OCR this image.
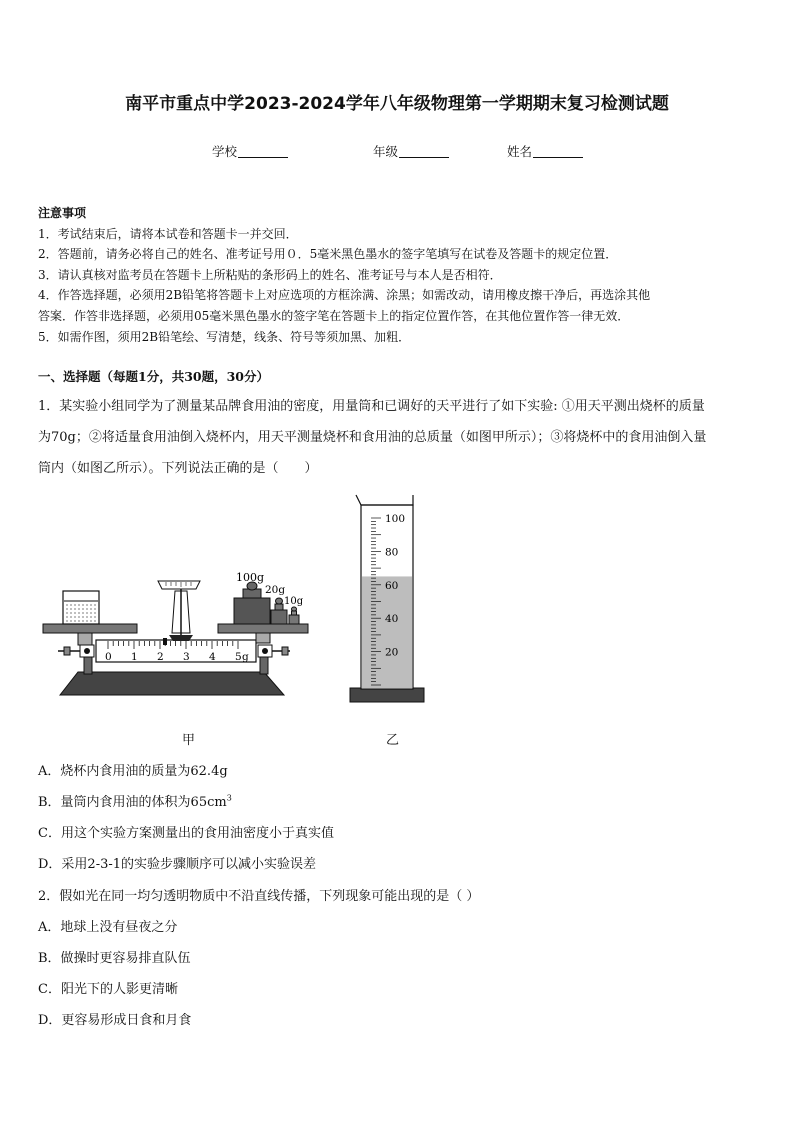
南平市重点中学2023-2024学年八年级物理第一学期期末复习检测试题
学校	年级	姓名
注意事项
1．考试结束后，请将本试卷和答题卡一并交回．
2．答题前，请务必将自己的姓名、准考证号用０．5毫米黑色墨水的签字笔填写在试卷及答题卡的规定位置．
3．请认真核对监考员在答题卡上所粘贴的条形码上的姓名、准考证号与本人是否相符．
4．作答选择题，必须用2B铅笔将答题卡上对应选项的方框涂满、涂黑；如需改动，请用橡皮擦干净后，再选涂其他
答案．作答非选择题，必须用05毫米黑色墨水的签字笔在答题卡上的指定位置作答，在其他位置作答一律无效．
5．如需作图，须用2B铅笔绘、写清楚，线条、符号等须加黑、加粗．
一、选择题（每题1分，共30题，30分）
1．某实验小组同学为了测量某品牌食用油的密度，用量筒和已调好的天平进行了如下实验: ①用天平测出烧杯的质量
为70g；②将适量食用油倒入烧杯内，用天平测量烧杯和食用油的总质量（如图甲所示）；③将烧杯中的食用油倒入量
筒内（如图乙所示）。下列说法正确的是（　　）
100g
20g
10g
0 1 2 3 4 5 g
100
80
60
40
20
甲	乙
A．烧杯内食用油的质量为62.4g
B．量筒内食用油的体积为$65cm^3$
C．用这个实验方案测量出的食用油密度小于真实值
D．采用2-3-1的实验步骤顺序可以减小实验误差
2．假如光在同一均匀透明物质中不沿直线传播，下列现象可能出现的是（ ）
A．地球上没有昼夜之分
B．做操时更容易排直队伍
C．阳光下的人影更清晰
D．更容易形成日食和月食
